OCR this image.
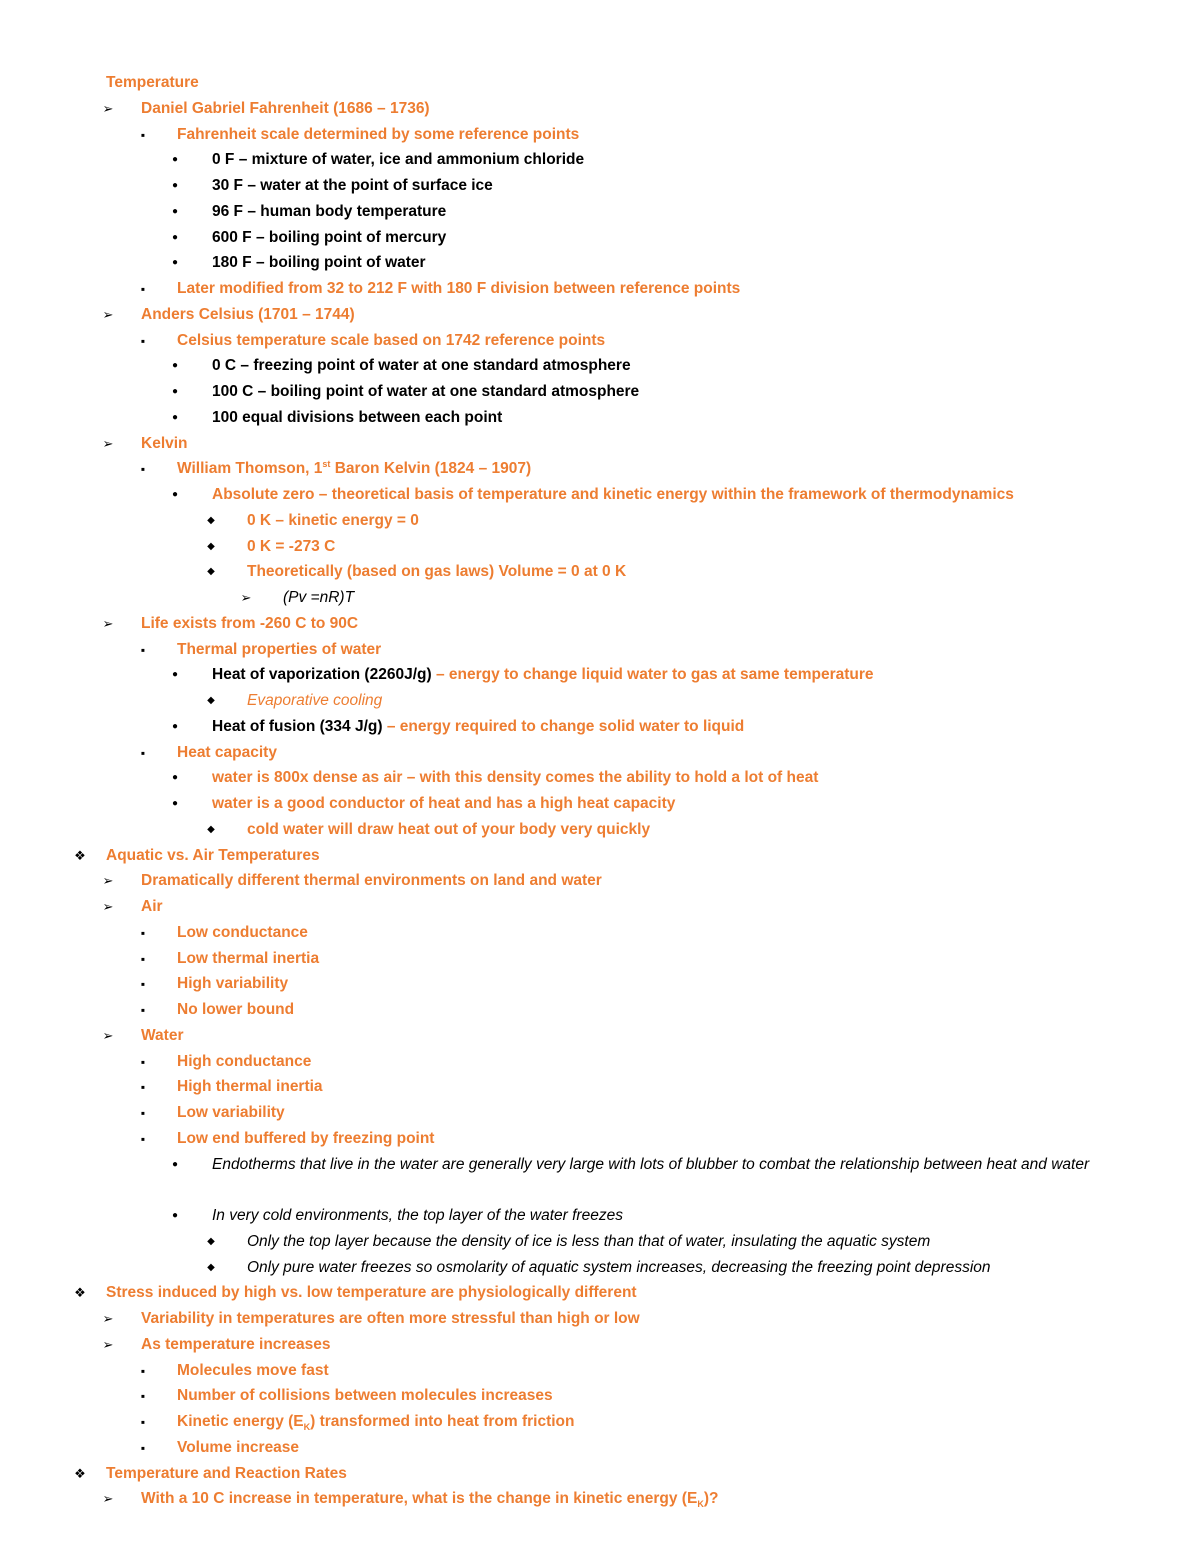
Temperature
➢ Daniel Gabriel Fahrenheit (1686 – 1736)
▪	Fahrenheit scale determined by some reference points
●	0 F – mixture of water, ice and ammonium chloride
●	30 F – water at the point of surface ice
●	96 F – human body temperature
●	600 F – boiling point of mercury
●	180 F – boiling point of water
▪	Later modified from 32 to 212 F with 180 F division between reference points
➢ Anders Celsius (1701 – 1744)
▪	Celsius temperature scale based on 1742 reference points
●	0 C – freezing point of water at one standard atmosphere
●	100 C – boiling point of water at one standard atmosphere
●	100 equal divisions between each point
➢ Kelvin
▪	William Thomson, 1st Baron Kelvin (1824 – 1907)
●	Absolute zero – theoretical basis of temperature and kinetic energy within the framework of thermodynamics
◆ 0 K – kinetic energy = 0
◆ 0 K = -273 C
◆ Theoretically (based on gas laws) Volume = 0 at 0 K
➢ (Pv =nR)T
➢ Life exists from -260 C to 90C
▪	Thermal properties of water
●	Heat of vaporization (2260J/g) – energy to change liquid water to gas at same temperature
◆ Evaporative cooling
●	Heat of fusion (334 J/g) – energy required to change solid water to liquid
▪	Heat capacity
●	water is 800x dense as air – with this density comes the ability to hold a lot of heat
●	water is a good conductor of heat and has a high heat capacity
◆ cold water will draw heat out of your body very quickly
❖ Aquatic vs. Air Temperatures
➢ Dramatically different thermal environments on land and water
➢ Air
▪	Low conductance
▪	Low thermal inertia
▪	High variability
▪	No lower bound
➢ Water
▪	High conductance
▪	High thermal inertia
▪	Low variability
▪	Low end buffered by freezing point
●	Endotherms that live in the water are generally very large with lots of blubber to combat the relationship between heat and water
●	In very cold environments, the top layer of the water freezes
◆ Only the top layer because the density of ice is less than that of water, insulating the aquatic system
◆ Only pure water freezes so osmolarity of aquatic system increases, decreasing the freezing point depression
❖ Stress induced by high vs. low temperature are physiologically different
➢ Variability in temperatures are often more stressful than high or low
➢ As temperature increases
▪	Molecules move fast
▪	Number of collisions between molecules increases
▪	Kinetic energy $(E_K)$ transformed into heat from friction
▪	Volume increase
❖ Temperature and Reaction Rates
➢ With a 10 C increase in temperature, what is the change in kinetic energy $(E_K)$?
